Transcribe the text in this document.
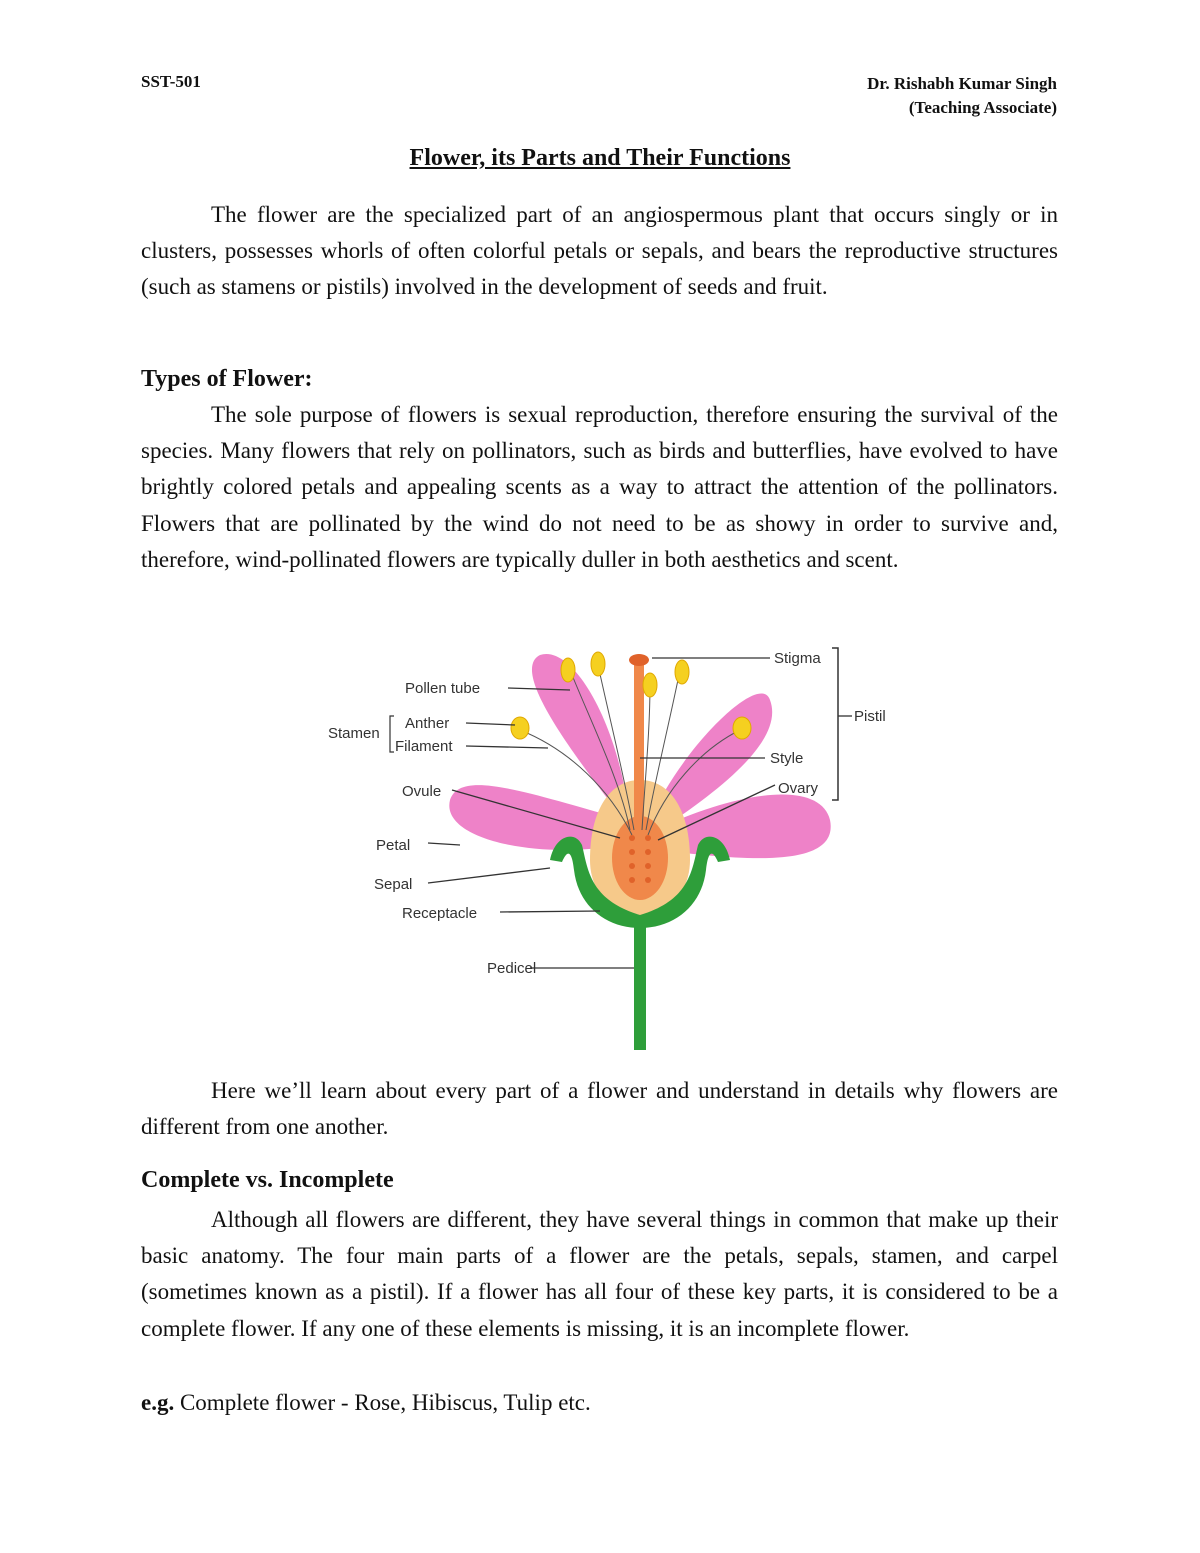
SST-501	Dr. Rishabh Kumar Singh
(Teaching Associate)
Flower, its Parts and Their Functions

The flower are the specialized part of an angiospermous plant that occurs singly or in clusters, possesses whorls of often colorful petals or sepals, and bears the reproductive structures (such as stamens or pistils) involved in the development of seeds and fruit.

Types of Flower:

The sole purpose of flowers is sexual reproduction, therefore ensuring the survival of the species. Many flowers that rely on pollinators, such as birds and butterflies, have evolved to have brightly colored petals and appealing scents as a way to attract the attention of the pollinators. Flowers that are pollinated by the wind do not need to be as showy in order to survive and, therefore, wind-pollinated flowers are typically duller in both aesthetics and scent.

Pollen tube
Stamen
Anther
Filament
Ovule
Petal
Sepal
Receptacle
Pedicel
Stigma
Pistil
Style
Ovary

Here we’ll learn about every part of a flower and understand in details why flowers are different from one another.

Complete vs. Incomplete

Although all flowers are different, they have several things in common that make up their basic anatomy. The four main parts of a flower are the petals, sepals, stamen, and carpel (sometimes known as a pistil). If a flower has all four of these key parts, it is considered to be a complete flower. If any one of these elements is missing, it is an incomplete flower.

e.g. Complete flower - Rose, Hibiscus, Tulip etc.
